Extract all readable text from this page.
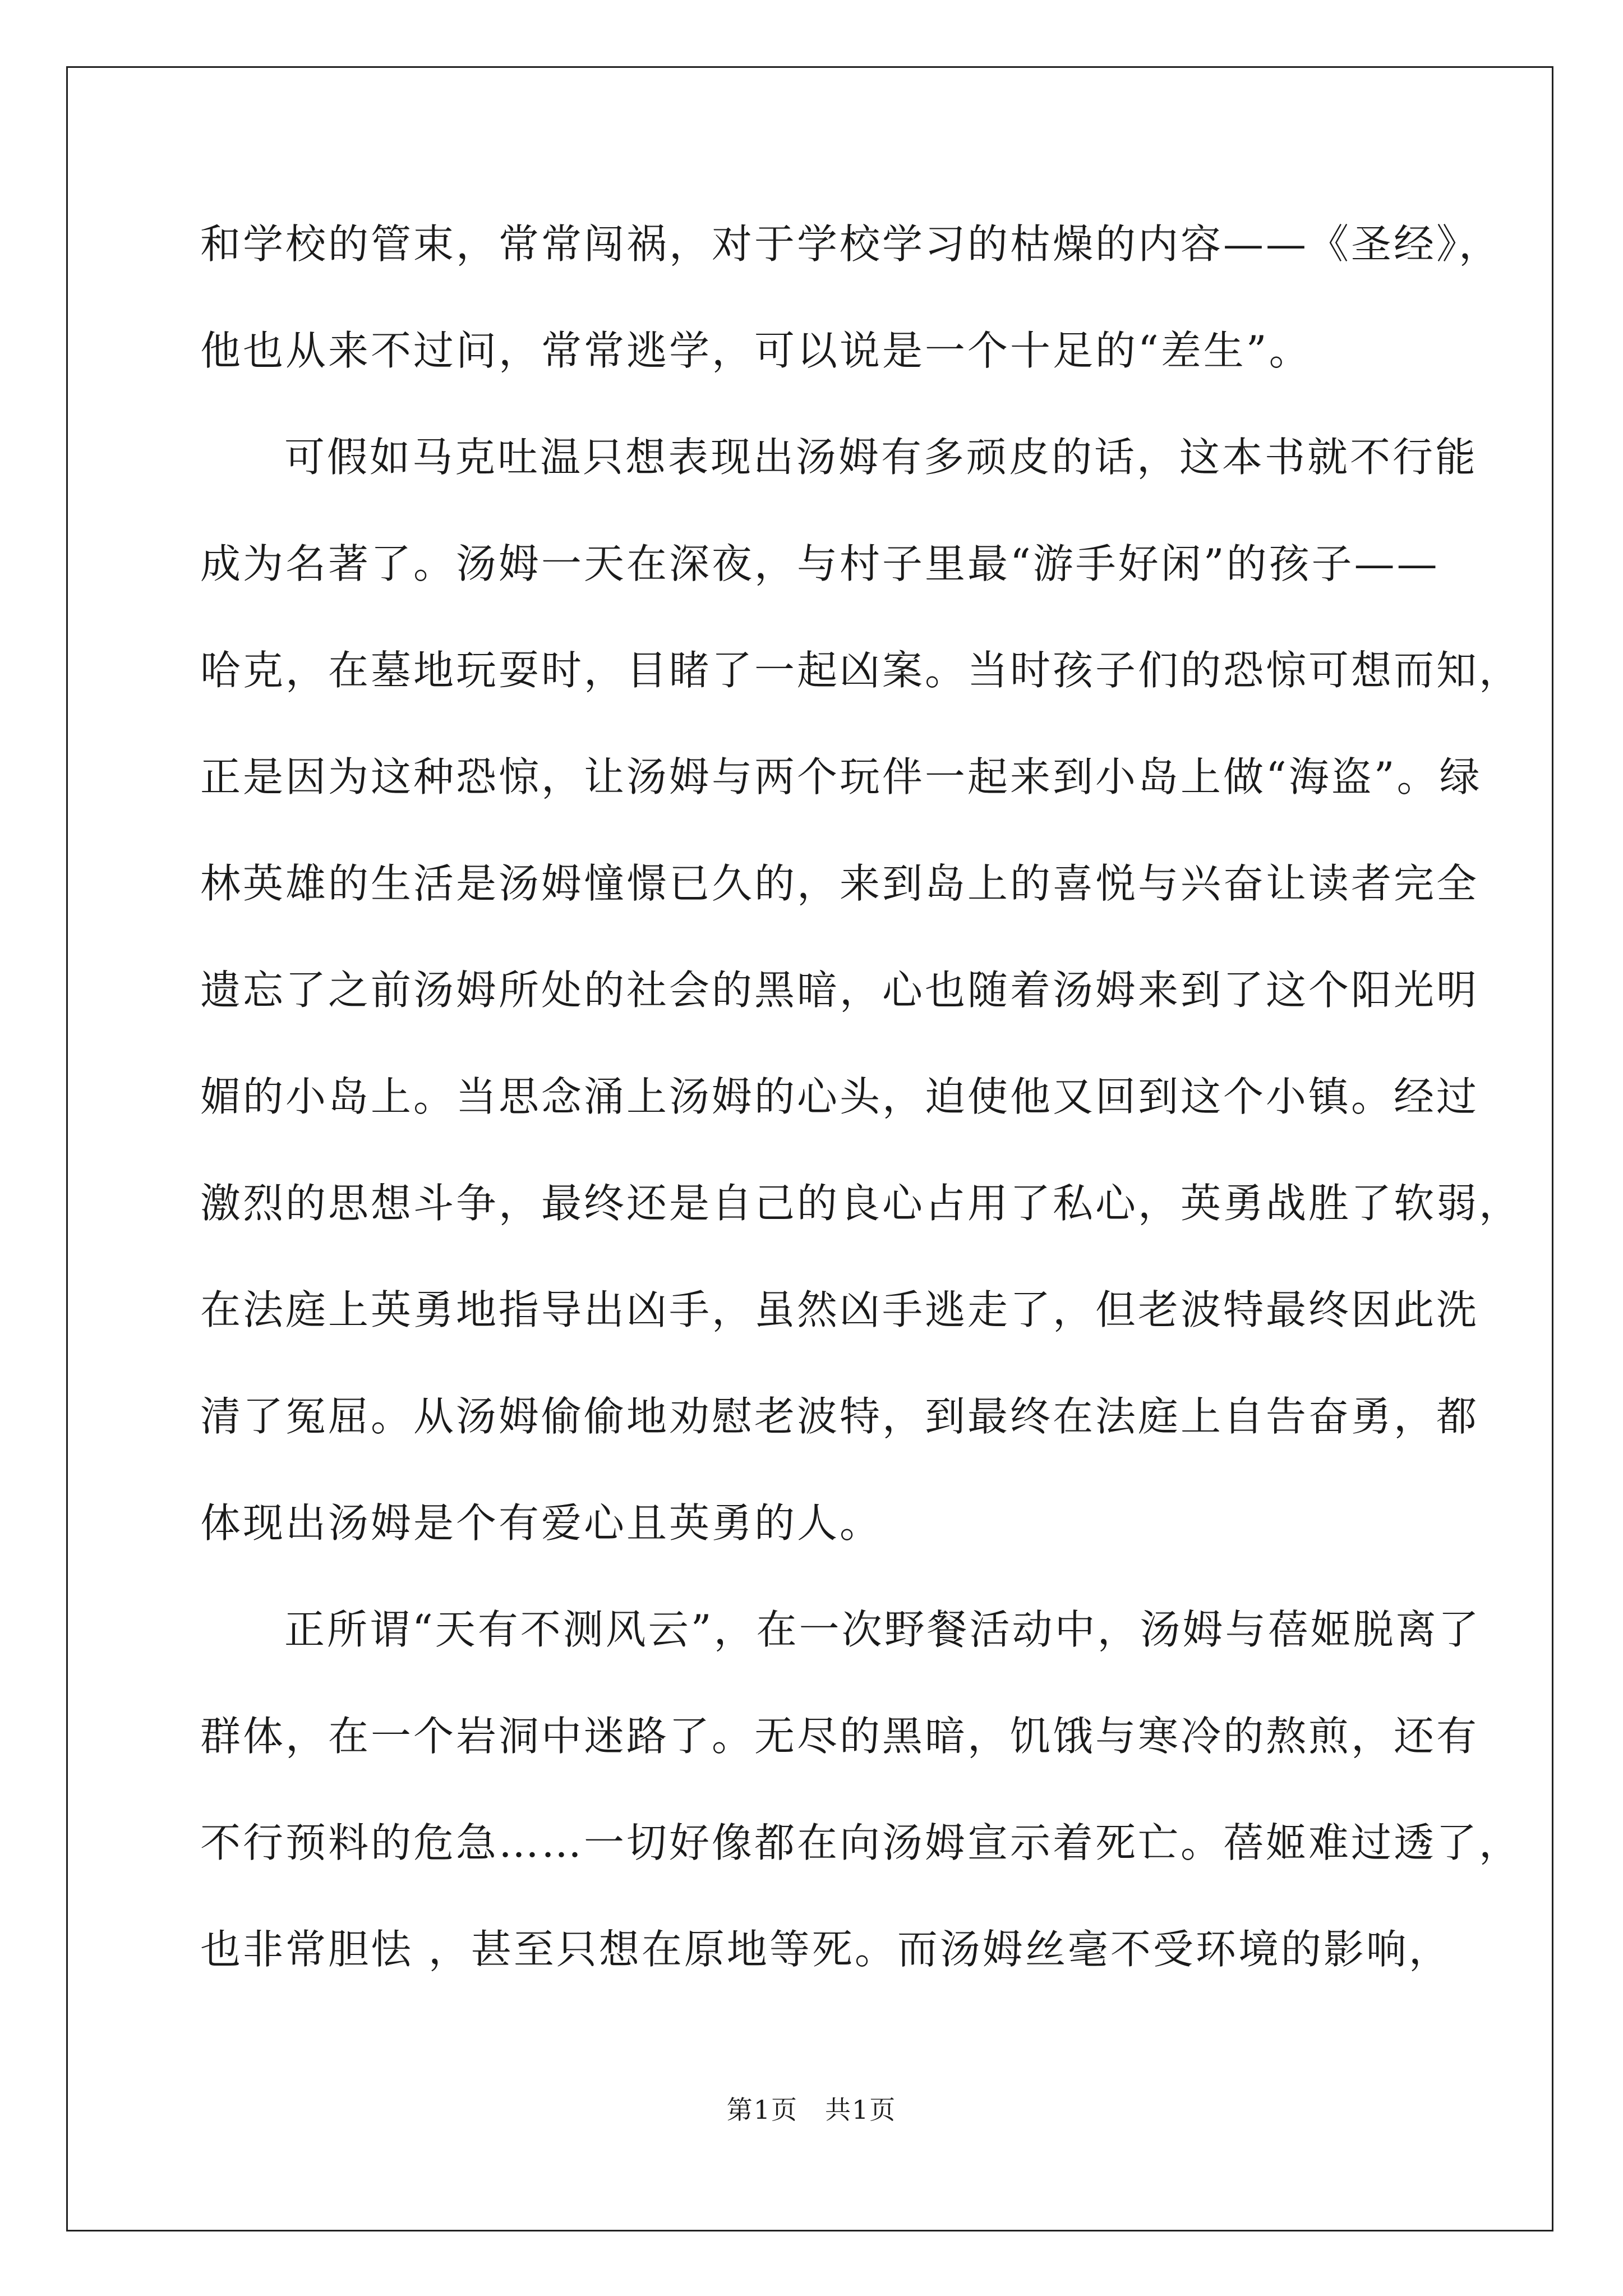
和学校的管束，常常闯祸，对于学校学习的枯燥的内容——《圣经》，
他也从来不过问，常常逃学，可以说是一个十足的“差生”。
可假如马克吐温只想表现出汤姆有多顽皮的话，这本书就不行能
成为名著了。汤姆一天在深夜，与村子里最“游手好闲”的孩子——
哈克，在墓地玩耍时，目睹了一起凶案。当时孩子们的恐惊可想而知，
正是因为这种恐惊，让汤姆与两个玩伴一起来到小岛上做“海盗”。绿
林英雄的生活是汤姆憧憬已久的，来到岛上的喜悦与兴奋让读者完全
遗忘了之前汤姆所处的社会的黑暗，心也随着汤姆来到了这个阳光明
媚的小岛上。当思念涌上汤姆的心头，迫使他又回到这个小镇。经过
激烈的思想斗争，最终还是自己的良心占用了私心，英勇战胜了软弱，
在法庭上英勇地指导出凶手，虽然凶手逃走了，但老波特最终因此洗
清了冤屈。从汤姆偷偷地劝慰老波特，到最终在法庭上自告奋勇，都
体现出汤姆是个有爱心且英勇的人。
正所谓“天有不测风云”，在一次野餐活动中，汤姆与蓓姬脱离了
群体，在一个岩洞中迷路了。无尽的黑暗，饥饿与寒冷的熬煎，还有
不行预料的危急……一切好像都在向汤姆宣示着死亡。蓓姬难过透了，
也非常胆怯 ，甚至只想在原地等死。而汤姆丝毫不受环境的影响，
第1页 共1页
